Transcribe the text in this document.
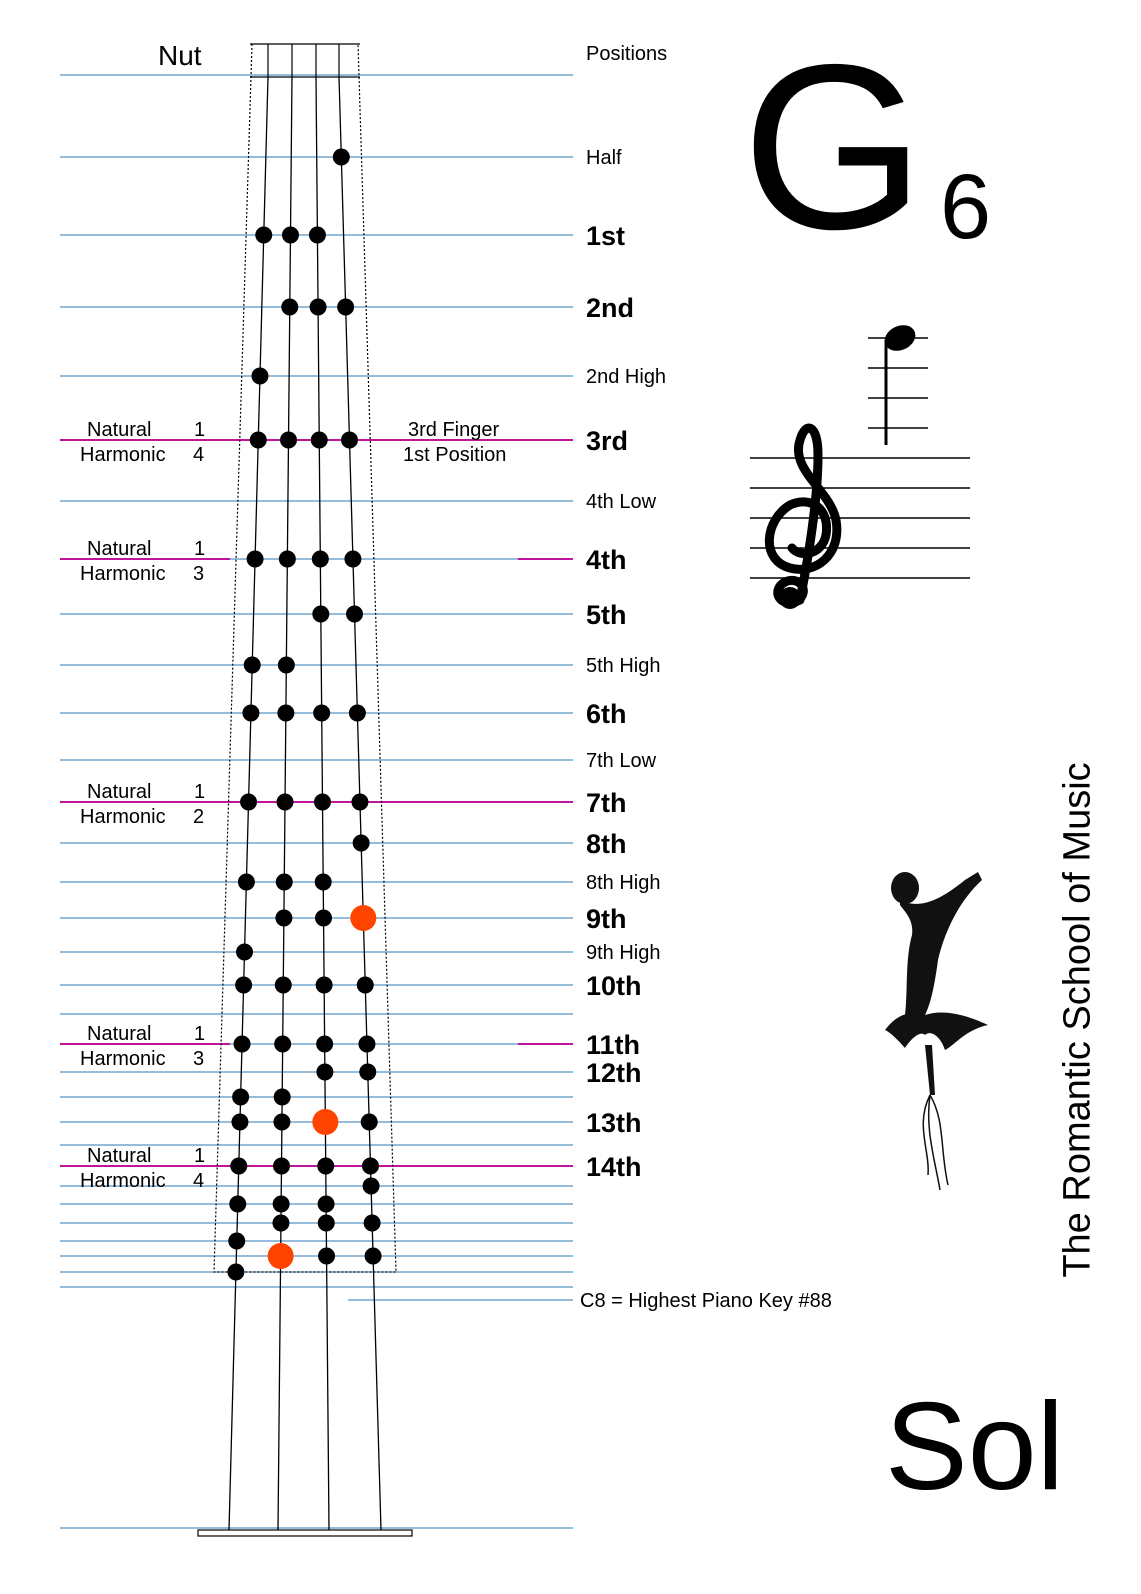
Half
1st
2nd
2nd High
3rd
4th Low
4th
5th
5th High
6th
7th Low
7th
8th
8th High
9th
9th High
10th
11th
12th
13th
14th
Natural
Harmonic
1
4
Natural
Harmonic
1
3
Natural
Harmonic
1
2
Natural
Harmonic
1
3
Natural
Harmonic
1
4
3rd Finger
1st Position
G 6
Nut	Positions
C8 = Highest Piano Key #88
The Romantic School of Music
Sol
